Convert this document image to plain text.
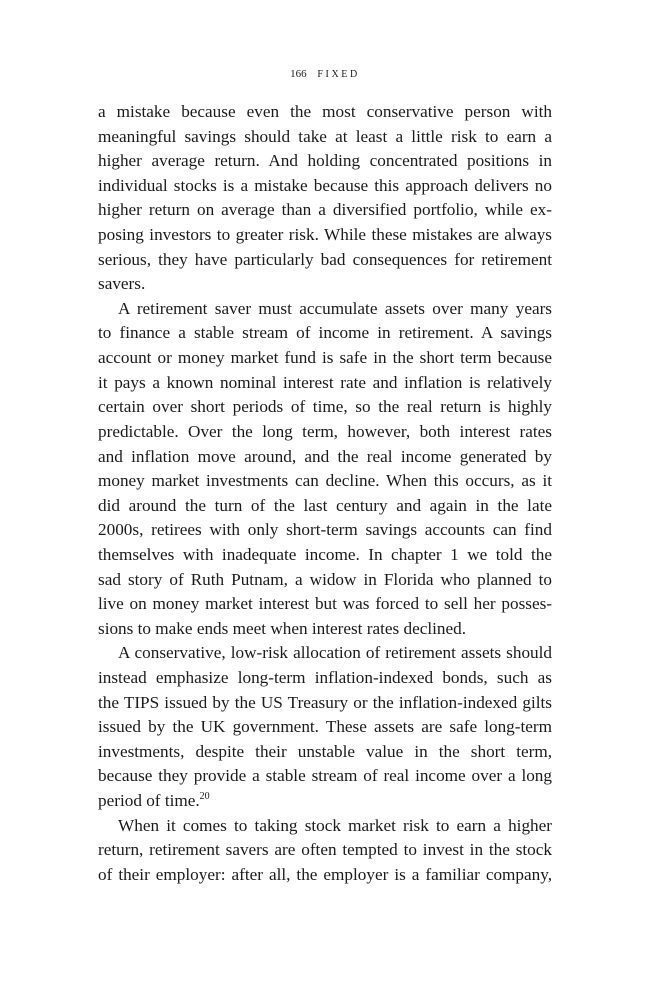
166 FIXED
a mistake because even the most conservative person with
meaningful savings should take at least a little risk to earn a
higher average return. And holding concentrated positions in
individual stocks is a mistake because this approach delivers no
higher return on average than a diversified portfolio, while ex-
posing investors to greater risk. While these mistakes are always
serious, they have particularly bad consequences for retirement
savers.
A retirement saver must accumulate assets over many years
to finance a stable stream of income in retirement. A savings
account or money market fund is safe in the short term because
it pays a known nominal interest rate and inflation is relatively
certain over short periods of time, so the real return is highly
predictable. Over the long term, however, both interest rates
and inflation move around, and the real income generated by
money market investments can decline. When this occurs, as it
did around the turn of the last century and again in the late
2000s, retirees with only short-term savings accounts can find
themselves with inadequate income. In chapter 1 we told the
sad story of Ruth Putnam, a widow in Florida who planned to
live on money market interest but was forced to sell her posses-
sions to make ends meet when interest rates declined.
A conservative, low-risk allocation of retirement assets should
instead emphasize long-term inflation-indexed bonds, such as
the TIPS issued by the US Treasury or the inflation-indexed gilts
issued by the UK government. These assets are safe long-term
investments, despite their unstable value in the short term,
because they provide a stable stream of real income over a long
period of time.$^{20}$
When it comes to taking stock market risk to earn a higher
return, retirement savers are often tempted to invest in the stock
of their employer: after all, the employer is a familiar company,
